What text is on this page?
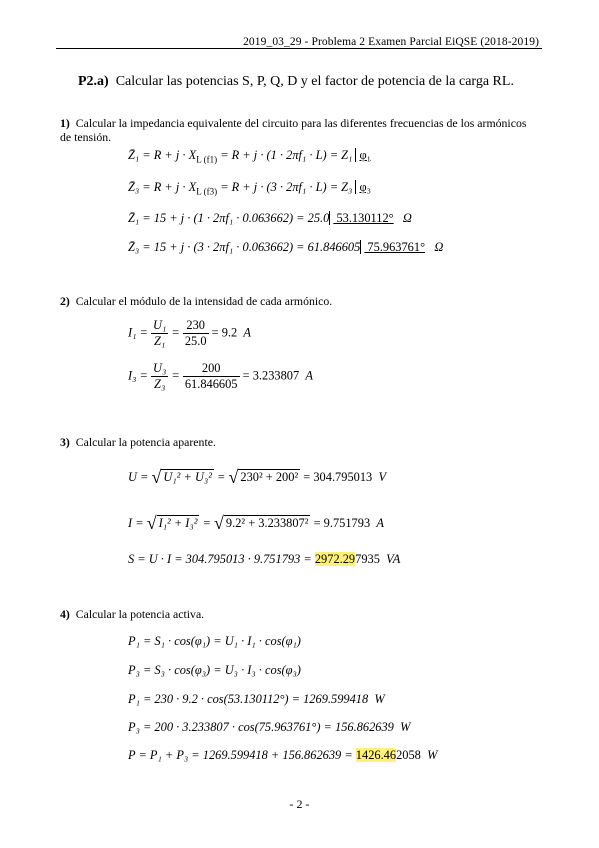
2019_03_29 - Problema 2 Examen Parcial EiQSE (2018-2019)
P2.a) Calcular las potencias S, P, Q, D y el factor de potencia de la carga RL.
1) Calcular la impedancia equivalente del circuito para las diferentes frecuencias de los armónicos
de tensión.
Z̄₁ = $R + j \cdot X_{L (f1)} = R + j \cdot (1 \cdot 2\pi f_1 \cdot L) = Z_1$ φ₁
Z̄₃ = $R + j \cdot X_{L (f3)} = R + j \cdot (3 \cdot 2\pi f_1 \cdot L) = Z_3$ φ₃
Z̄₁ = 15 + j · (1 · 2πf₁ · 0.063662) = 25.0 53.130112° Ω
Z̄₃ = 15 + j · (3 · 2πf₁ · 0.063662) = 61.846605 75.963761° Ω
2) Calcular el módulo de la intensidad de cada armónico.
$I_1 = \frac{\text{U₁}}{\text{Z₁}} = \frac{230}{25.0} = 9.2$ A
$I_3 = \frac{\text{U₃}}{\text{Z₃}} = \frac{200}{61.846605} = 3.233807$ A
3) Calcular la potencia aparente.
U = √ U₁² + U₃² = √ 230² + 200² = 304.795013 V
I = √ I₁² + I₃² = √ 9.2² + 3.233807² = 9.751793 A
S = U · I = 304.795013 · 9.751793 = 2972.297935 VA
4) Calcular la potencia activa.
P₁ = S₁ · cos(φ₁) = U₁ · I₁ · cos(φ₁)
P₃ = S₃ · cos(φ₃) = U₃ · I₃ · cos(φ₃)
P₁ = 230 · 9.2 · cos(53.130112°) = 1269.599418 W
P₃ = 200 · 3.233807 · cos(75.963761°) = 156.862639 W
P = P₁ + P₃ = 1269.599418 + 156.862639 = 1426.462058 W
- 2 -
